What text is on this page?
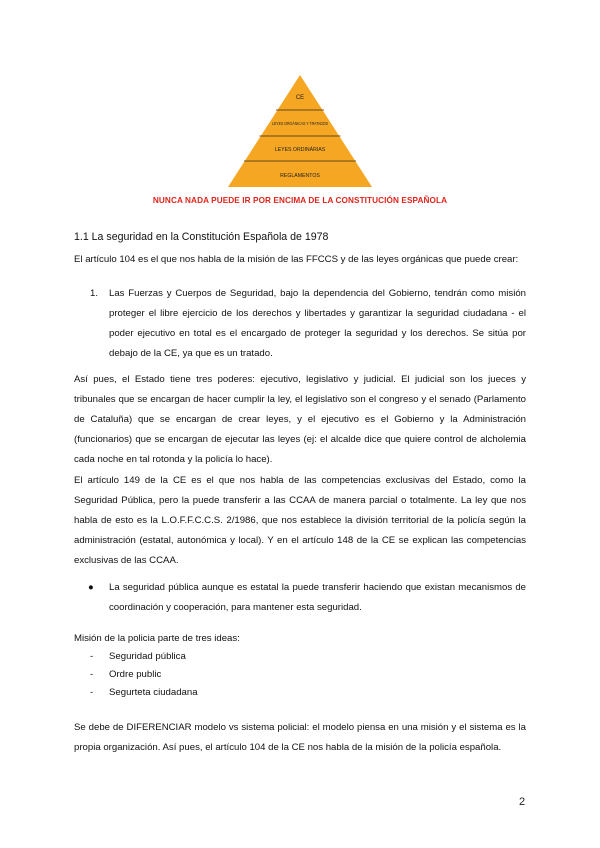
CE
LEYES ORGÁNICAS Y TRATADOS
LEYES ORDINÁRIAS
REGLAMENTOS
NUNCA NADA PUEDE IR POR ENCIMA DE LA CONSTITUCIÓN ESPAÑOLA
1.1 La seguridad en la Constitución Española de 1978
El artículo 104 es el que nos habla de la misión de las FFCCS y de las leyes orgánicas que puede crear:
1. Las Fuerzas y Cuerpos de Seguridad, bajo la dependencia del Gobierno, tendrán como misión proteger el libre ejercicio de los derechos y libertades y garantizar la seguridad ciudadana - el poder ejecutivo en total es el encargado de proteger la seguridad y los derechos. Se sitúa por debajo de la CE, ya que es un tratado.
Así pues, el Estado tiene tres poderes: ejecutivo, legislativo y judicial. El judicial son los jueces y tribunales que se encargan de hacer cumplir la ley, el legislativo son el congreso y el senado (Parlamento de Cataluña) que se encargan de crear leyes, y el ejecutivo es el Gobierno y la Administración (funcionarios) que se encargan de ejecutar las leyes (ej: el alcalde dice que quiere control de alcholemia cada noche en tal rotonda y la policía lo hace).
El artículo 149 de la CE es el que nos habla de las competencias exclusivas del Estado, como la Seguridad Pública, pero la puede transferir a las CCAA de manera parcial o totalmente. La ley que nos habla de esto es la L.O.F.F.C.C.S. 2/1986, que nos establece la división territorial de la policía según la administración (estatal, autonómica y local). Y en el artículo 148 de la CE se explican las competencias exclusivas de las CCAA.
● La seguridad pública aunque es estatal la puede transferir haciendo que existan mecanismos de coordinación y cooperación, para mantener esta seguridad.
Misión de la policia parte de tres ideas:
- Seguridad pública
- Ordre public
- Segurteta ciudadana
Se debe de DIFERENCIAR modelo vs sistema policial: el modelo piensa en una misión y el sistema es la propia organización. Así pues, el artículo 104 de la CE nos habla de la misión de la policía española.
2
